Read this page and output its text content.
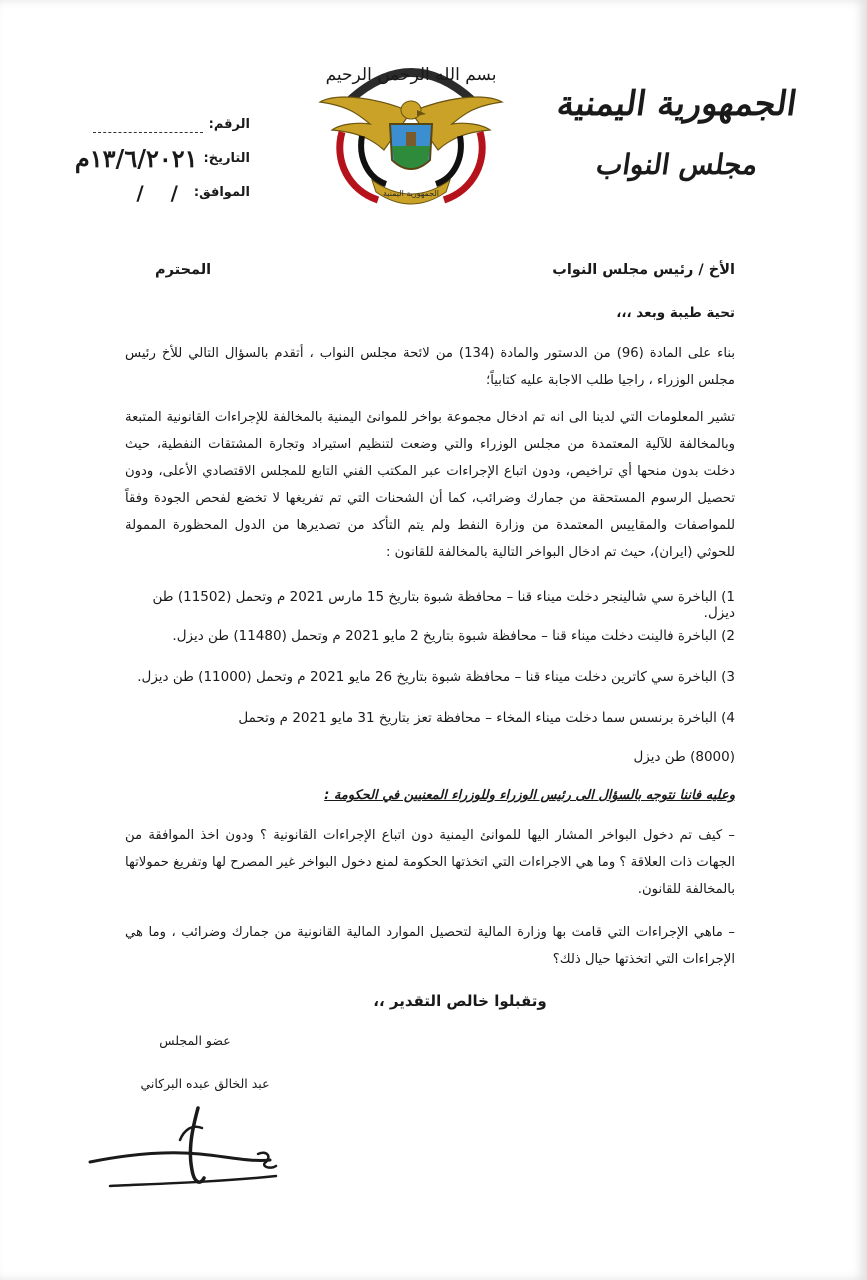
الجمهورية اليمنية
مجلس النواب
بسم الله الرحمن الرحيم
الجمهورية اليمنية
الرقم:
التاريخ:
١٣/٦/٢٠٢١م
الموافق:
/ /
الأخ / رئيس مجلس النواب
المحترم
تحية طيبة وبعد ،،،
بناء على المادة (96) من الدستور والمادة (134) من لائحة مجلس النواب ، أتقدم بالسؤال التالي للأخ رئيس مجلس الوزراء ، راجيا طلب الاجابة عليه كتابياً؛
تشير المعلومات التي لدينا الى انه تم ادخال مجموعة بواخر للموانئ اليمنية بالمخالفة للإجراءات القانونية المتبعة وبالمخالفة للآلية المعتمدة من مجلس الوزراء والتي وضعت لتنظيم استيراد وتجارة المشتقات النفطية، حيث دخلت بدون منحها أي تراخيص، ودون اتباع الإجراءات عبر المكتب الفني التابع للمجلس الاقتصادي الأعلى، ودون تحصيل الرسوم المستحقة من جمارك وضرائب، كما أن الشحنات التي تم تفريغها لا تخضع لفحص الجودة وفقاً للمواصفات والمقاييس المعتمدة من وزارة النفط ولم يتم التأكد من تصديرها من الدول المحظورة الممولة للحوثي (ايران)، حيث تم ادخال البواخر التالية بالمخالفة للقانون :
1) الباخرة سي شالينجر دخلت ميناء قنا – محافظة شبوة بتاريخ 15 مارس 2021 م وتحمل (11502) طن ديزل.
2) الباخرة فالينت دخلت ميناء قنا – محافظة شبوة بتاريخ 2 مايو 2021 م وتحمل (11480) طن ديزل.
3) الباخرة سي كاترين دخلت ميناء قنا – محافظة شبوة بتاريخ 26 مايو 2021 م وتحمل (11000) طن ديزل.
4) الباخرة برنسس سما دخلت ميناء المخاء – محافظة تعز بتاريخ 31 مايو 2021 م وتحمل
(8000) طن ديزل
وعليه فاننا نتوجه بالسؤال الى رئيس الوزراء وللوزراء المعنيين في الحكومة :
– كيف تم دخول البواخر المشار اليها للموانئ اليمنية دون اتباع الإجراءات القانونية ؟ ودون اخذ الموافقة من الجهات ذات العلاقة ؟ وما هي الاجراءات التي اتخذتها الحكومة لمنع دخول البواخر غير المصرح لها وتفريغ حمولاتها بالمخالفة للقانون.
– ماهي الإجراءات التي قامت بها وزارة المالية لتحصيل الموارد المالية القانونية من جمارك وضرائب ، وما هي الإجراءات التي اتخذتها حيال ذلك؟
وتقبلوا خالص التقدير ،،
عضو المجلس
عبد الخالق عبده البركاني
